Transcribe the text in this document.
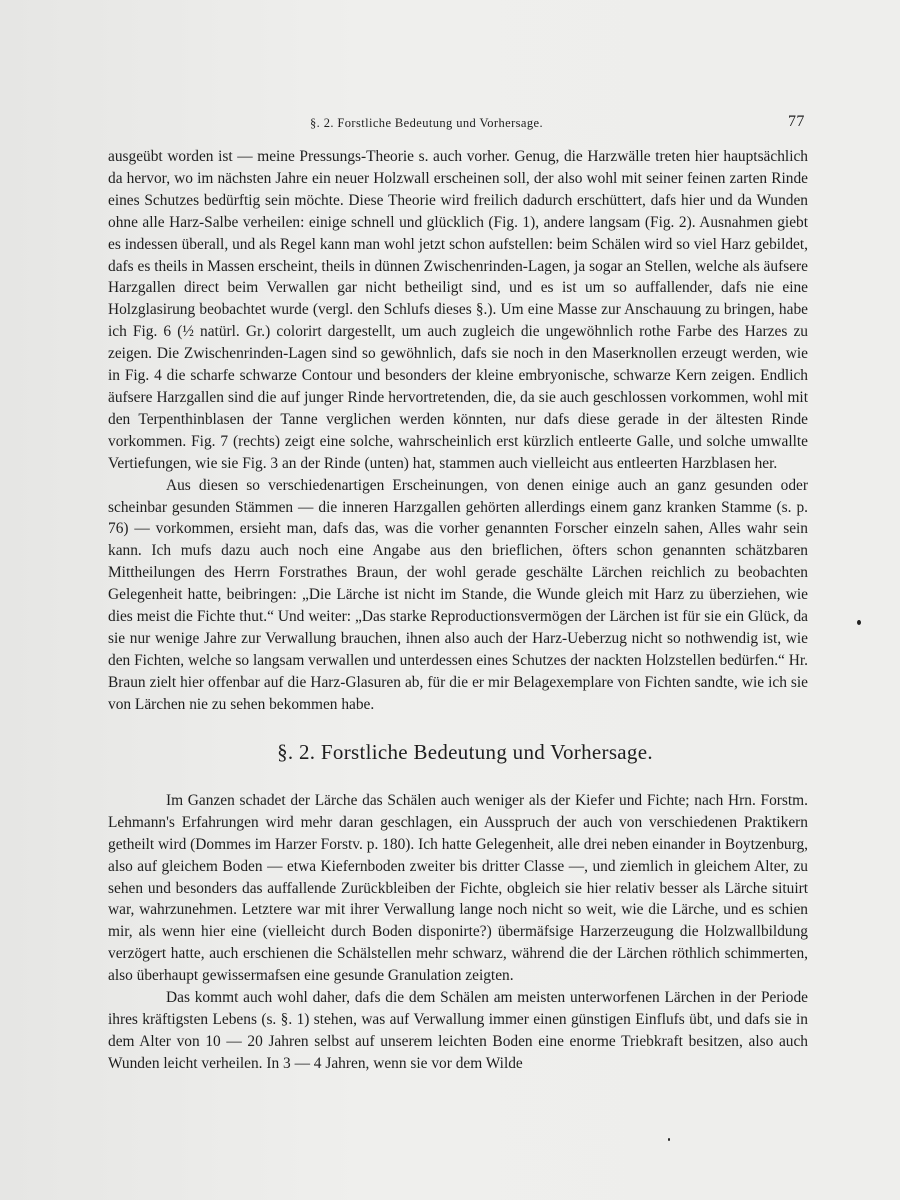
§. 2. Forstliche Bedeutung und Vorhersage.	77

ausgeübt worden ist — meine Pressungs-Theorie s. auch vorher. Genug, die Harzwälle treten hier hauptsächlich da hervor, wo im nächsten Jahre ein neuer Holzwall erscheinen soll, der also wohl mit seiner feinen zarten Rinde eines Schutzes bedürftig sein möchte. Diese Theorie wird freilich dadurch erschüttert, dafs hier und da Wunden ohne alle Harz-Salbe verheilen: einige schnell und glücklich (Fig. 1), andere langsam (Fig. 2). Ausnahmen giebt es indessen überall, und als Regel kann man wohl jetzt schon aufstellen: beim Schälen wird so viel Harz gebildet, dafs es theils in Massen erscheint, theils in dünnen Zwischenrinden-Lagen, ja sogar an Stellen, welche als äufsere Harzgallen direct beim Verwallen gar nicht betheiligt sind, und es ist um so auffallender, dafs nie eine Holzglasirung beobachtet wurde (vergl. den Schlufs dieses §.). Um eine Masse zur Anschauung zu bringen, habe ich Fig. 6 (½ natürl. Gr.) colorirt dargestellt, um auch zugleich die ungewöhnlich rothe Farbe des Harzes zu zeigen. Die Zwischenrinden-Lagen sind so gewöhnlich, dafs sie noch in den Maserknollen erzeugt werden, wie in Fig. 4 die scharfe schwarze Contour und besonders der kleine embryonische, schwarze Kern zeigen. Endlich äufsere Harzgallen sind die auf junger Rinde hervortretenden, die, da sie auch geschlossen vorkommen, wohl mit den Terpenthinblasen der Tanne verglichen werden könnten, nur dafs diese gerade in der ältesten Rinde vorkommen. Fig. 7 (rechts) zeigt eine solche, wahrscheinlich erst kürzlich entleerte Galle, und solche umwallte Vertiefungen, wie sie Fig. 3 an der Rinde (unten) hat, stammen auch vielleicht aus entleerten Harzblasen her.

Aus diesen so verschiedenartigen Erscheinungen, von denen einige auch an ganz gesunden oder scheinbar gesunden Stämmen — die inneren Harzgallen gehörten allerdings einem ganz kranken Stamme (s. p. 76) — vorkommen, ersieht man, dafs das, was die vorher genannten Forscher einzeln sahen, Alles wahr sein kann. Ich mufs dazu auch noch eine Angabe aus den brieflichen, öfters schon genannten schätzbaren Mittheilungen des Herrn Forstrathes Braun, der wohl gerade geschälte Lärchen reichlich zu beobachten Gelegenheit hatte, beibringen: „Die Lärche ist nicht im Stande, die Wunde gleich mit Harz zu überziehen, wie dies meist die Fichte thut.“ Und weiter: „Das starke Reproductionsvermögen der Lärchen ist für sie ein Glück, da sie nur wenige Jahre zur Verwallung brauchen, ihnen also auch der Harz-Ueberzug nicht so nothwendig ist, wie den Fichten, welche so langsam verwallen und unterdessen eines Schutzes der nackten Holzstellen bedürfen.“ Hr. Braun zielt hier offenbar auf die Harz-Glasuren ab, für die er mir Belagexemplare von Fichten sandte, wie ich sie von Lärchen nie zu sehen bekommen habe.

§. 2. Forstliche Bedeutung und Vorhersage.

Im Ganzen schadet der Lärche das Schälen auch weniger als der Kiefer und Fichte; nach Hrn. Forstm. Lehmann's Erfahrungen wird mehr daran geschlagen, ein Ausspruch der auch von verschiedenen Praktikern getheilt wird (Dommes im Harzer Forstv. p. 180). Ich hatte Gelegenheit, alle drei neben einander in Boytzenburg, also auf gleichem Boden — etwa Kiefernboden zweiter bis dritter Classe —, und ziemlich in gleichem Alter, zu sehen und besonders das auffallende Zurückbleiben der Fichte, obgleich sie hier relativ besser als Lärche situirt war, wahrzunehmen. Letztere war mit ihrer Verwallung lange noch nicht so weit, wie die Lärche, und es schien mir, als wenn hier eine (vielleicht durch Boden disponirte?) übermäfsige Harzerzeugung die Holzwallbildung verzögert hatte, auch erschienen die Schälstellen mehr schwarz, während die der Lärchen röthlich schimmerten, also überhaupt gewissermafsen eine gesunde Granulation zeigten.

Das kommt auch wohl daher, dafs die dem Schälen am meisten unterworfenen Lärchen in der Periode ihres kräftigsten Lebens (s. §. 1) stehen, was auf Verwallung immer einen günstigen Einflufs übt, und dafs sie in dem Alter von 10 — 20 Jahren selbst auf unserem leichten Boden eine enorme Triebkraft besitzen, also auch Wunden leicht verheilen. In 3 — 4 Jahren, wenn sie vor dem Wilde
